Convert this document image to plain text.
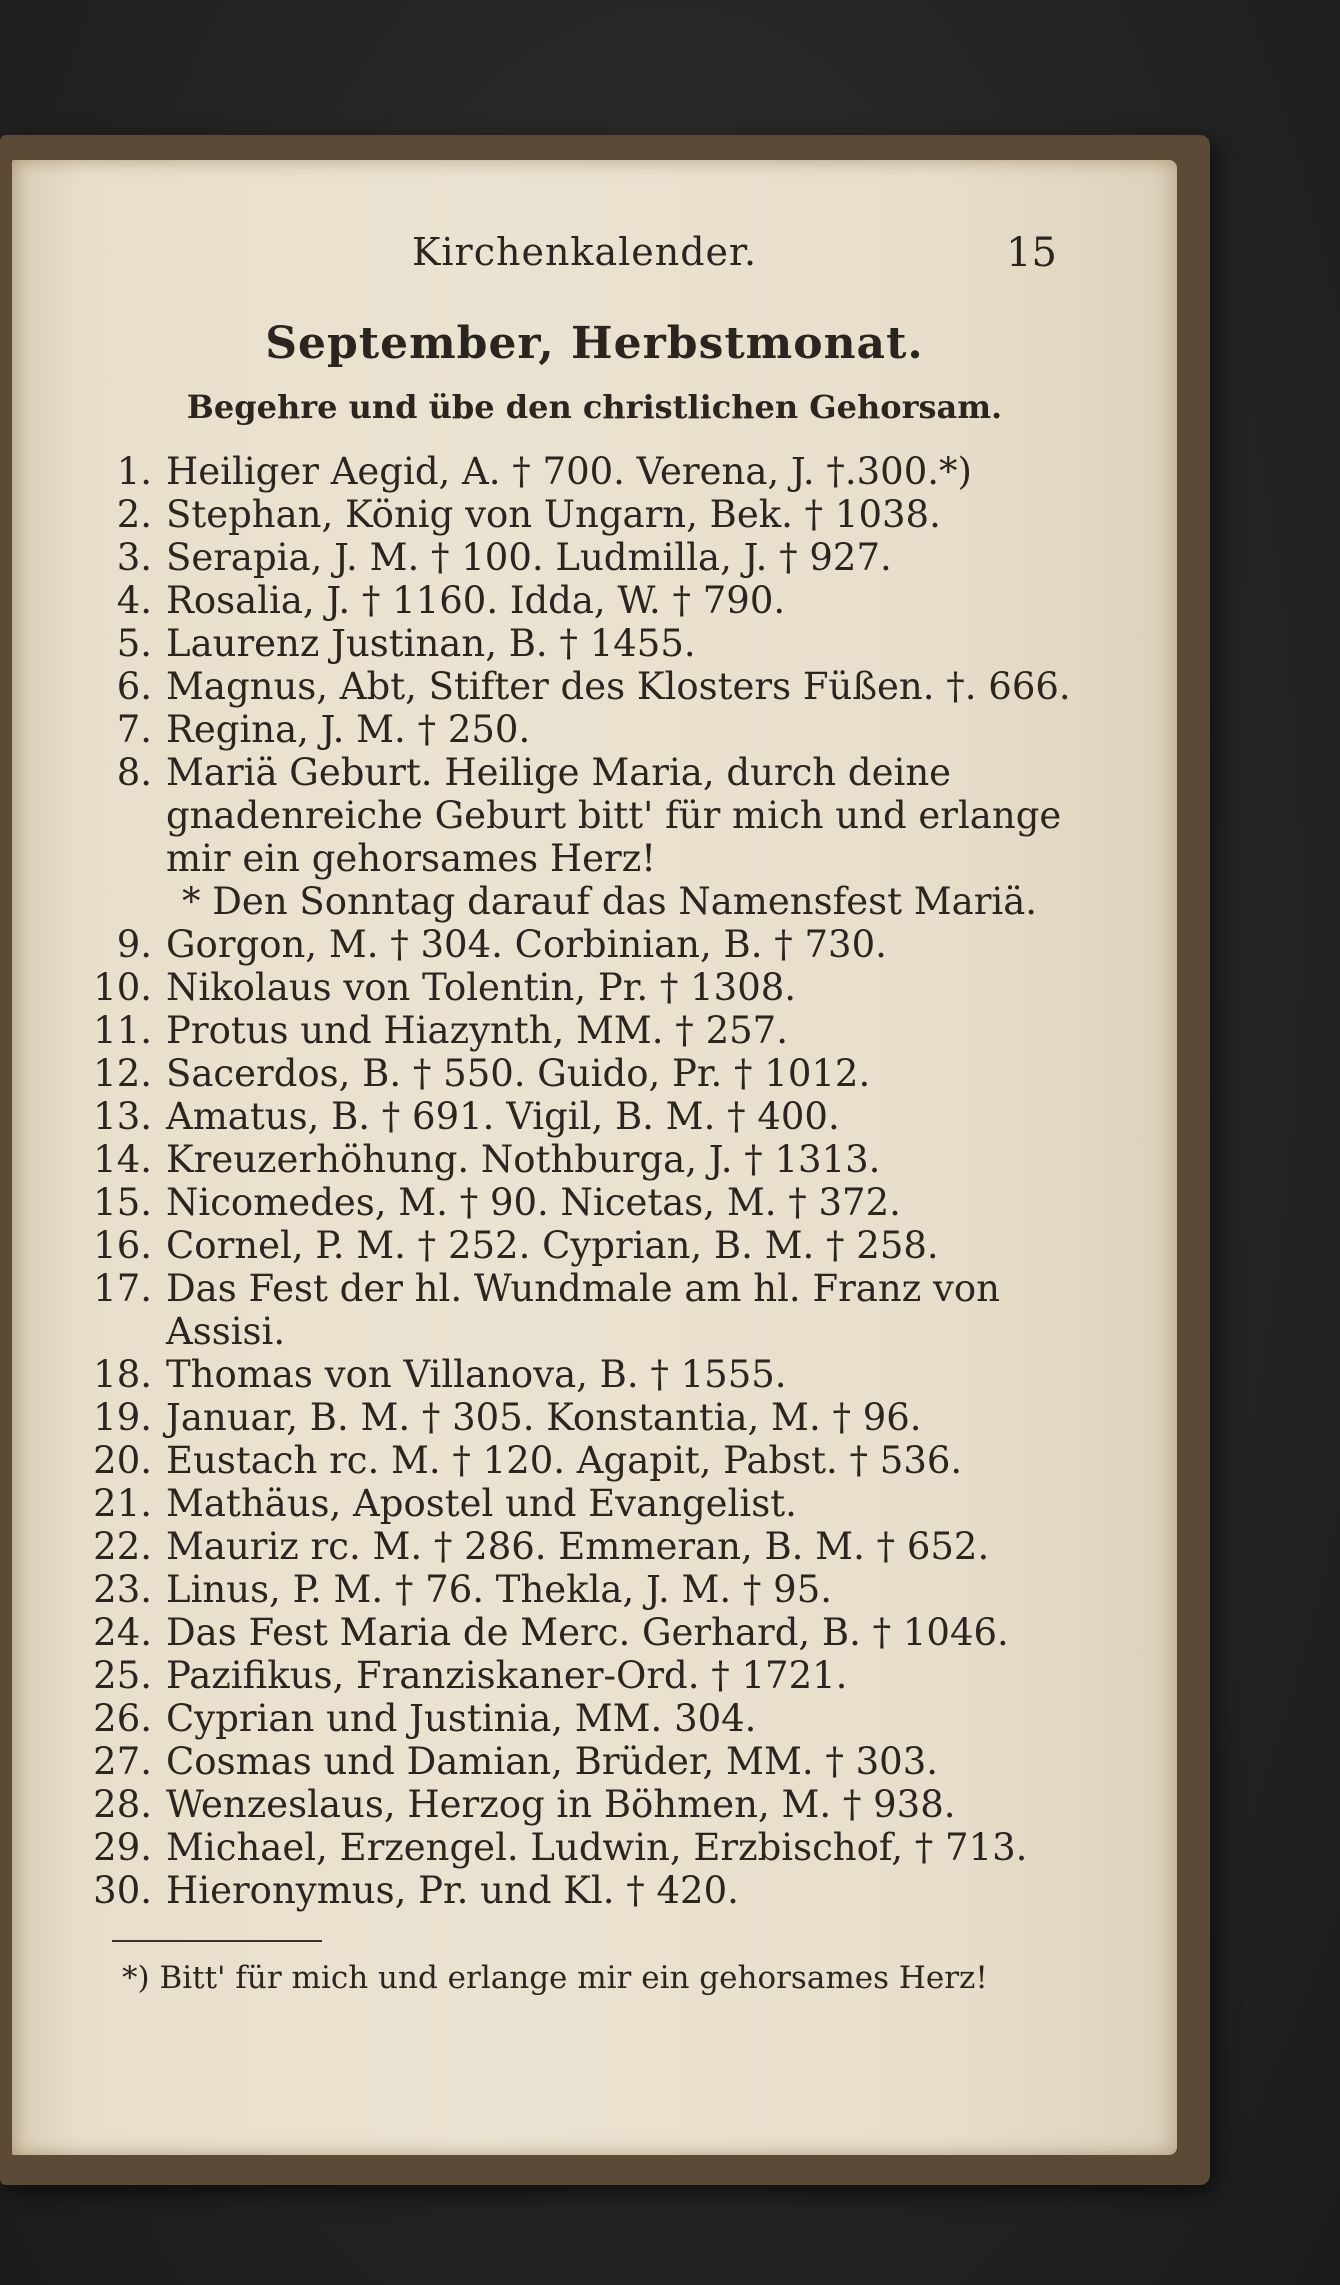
Kirchenkalender.	15
September, Herbstmonat.
Begehre und übe den christlichen Gehorsam.
1. Heiliger Aegid, A. † 700. Verena, J. †.300.*)
2. Stephan, König von Ungarn, Bek. † 1038.
3. Serapia, J. M. † 100. Ludmilla, J. † 927.
4. Rosalia, J. † 1160. Idda, W. † 790.
5. Laurenz Justinan, B. † 1455.
6. Magnus, Abt, Stifter des Klosters Füßen. †. 666.
7. Regina, J. M. † 250.
8. Mariä Geburt. Heilige Maria, durch deine
gnadenreiche Geburt bitt' für mich und erlange
mir ein gehorsames Herz!
* Den Sonntag darauf das Namensfest Mariä.
9. Gorgon, M. † 304. Corbinian, B. † 730.
10. Nikolaus von Tolentin, Pr. † 1308.
11. Protus und Hiazynth, MM. † 257.
12. Sacerdos, B. † 550. Guido, Pr. † 1012.
13. Amatus, B. † 691. Vigil, B. M. † 400.
14. Kreuzerhöhung. Nothburga, J. † 1313.
15. Nicomedes, M. † 90. Nicetas, M. † 372.
16. Cornel, P. M. † 252. Cyprian, B. M. † 258.
17. Das Fest der hl. Wundmale am hl. Franz von
Assisi.
18. Thomas von Villanova, B. † 1555.
19. Januar, B. M. † 305. Konstantia, M. † 96.
20. Eustach rc. M. † 120. Agapit, Pabst. † 536.
21. Mathäus, Apostel und Evangelist.
22. Mauriz rc. M. † 286. Emmeran, B. M. † 652.
23. Linus, P. M. † 76. Thekla, J. M. † 95.
24. Das Fest Maria de Merc. Gerhard, B. † 1046.
25. Pazifikus, Franziskaner-Ord. † 1721.
26. Cyprian und Justinia, MM. 304.
27. Cosmas und Damian, Brüder, MM. † 303.
28. Wenzeslaus, Herzog in Böhmen, M. † 938.
29. Michael, Erzengel. Ludwin, Erzbischof, † 713.
30. Hieronymus, Pr. und Kl. † 420.
*) Bitt' für mich und erlange mir ein gehorsames Herz!
